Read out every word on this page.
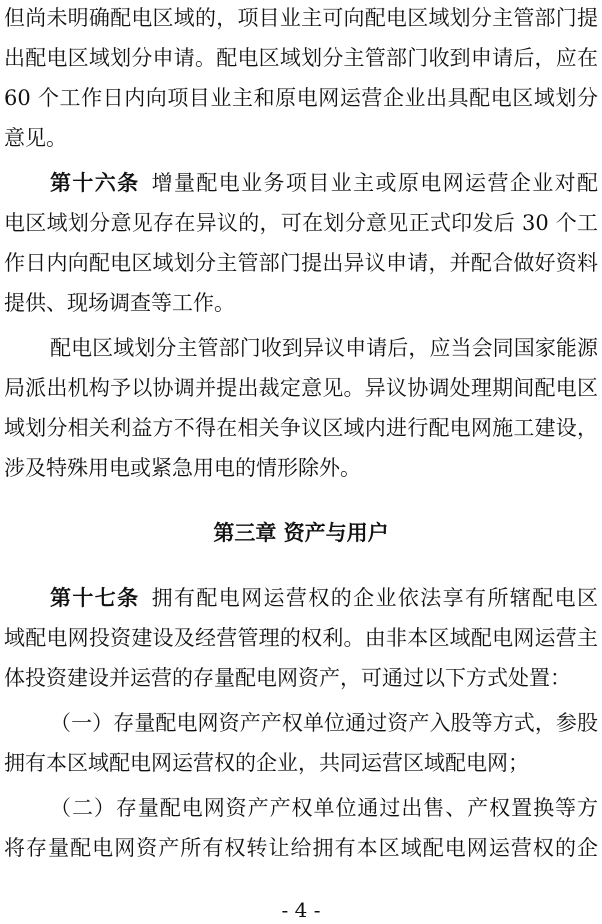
但尚未明确配电区域的，项目业主可向配电区域划分主管部门提
出配电区域划分申请。配电区域划分主管部门收到申请后，应在
60 个工作日内向项目业主和原电网运营企业出具配电区域划分
意见。
第十六条 增量配电业务项目业主或原电网运营企业对配
电区域划分意见存在异议的，可在划分意见正式印发后 30 个工
作日内向配电区域划分主管部门提出异议申请，并配合做好资料
提供、现场调查等工作。
配电区域划分主管部门收到异议申请后，应当会同国家能源
局派出机构予以协调并提出裁定意见。异议协调处理期间配电区
域划分相关利益方不得在相关争议区域内进行配电网施工建设，
涉及特殊用电或紧急用电的情形除外。
第三章 资产与用户
第十七条 拥有配电网运营权的企业依法享有所辖配电区
域配电网投资建设及经营管理的权利。由非本区域配电网运营主
体投资建设并运营的存量配电网资产，可通过以下方式处置：
（一）存量配电网资产产权单位通过资产入股等方式，参股
拥有本区域配电网运营权的企业，共同运营区域配电网；
（二）存量配电网资产产权单位通过出售、产权置换等方
将存量配电网资产所有权转让给拥有本区域配电网运营权的企
- 4 -
